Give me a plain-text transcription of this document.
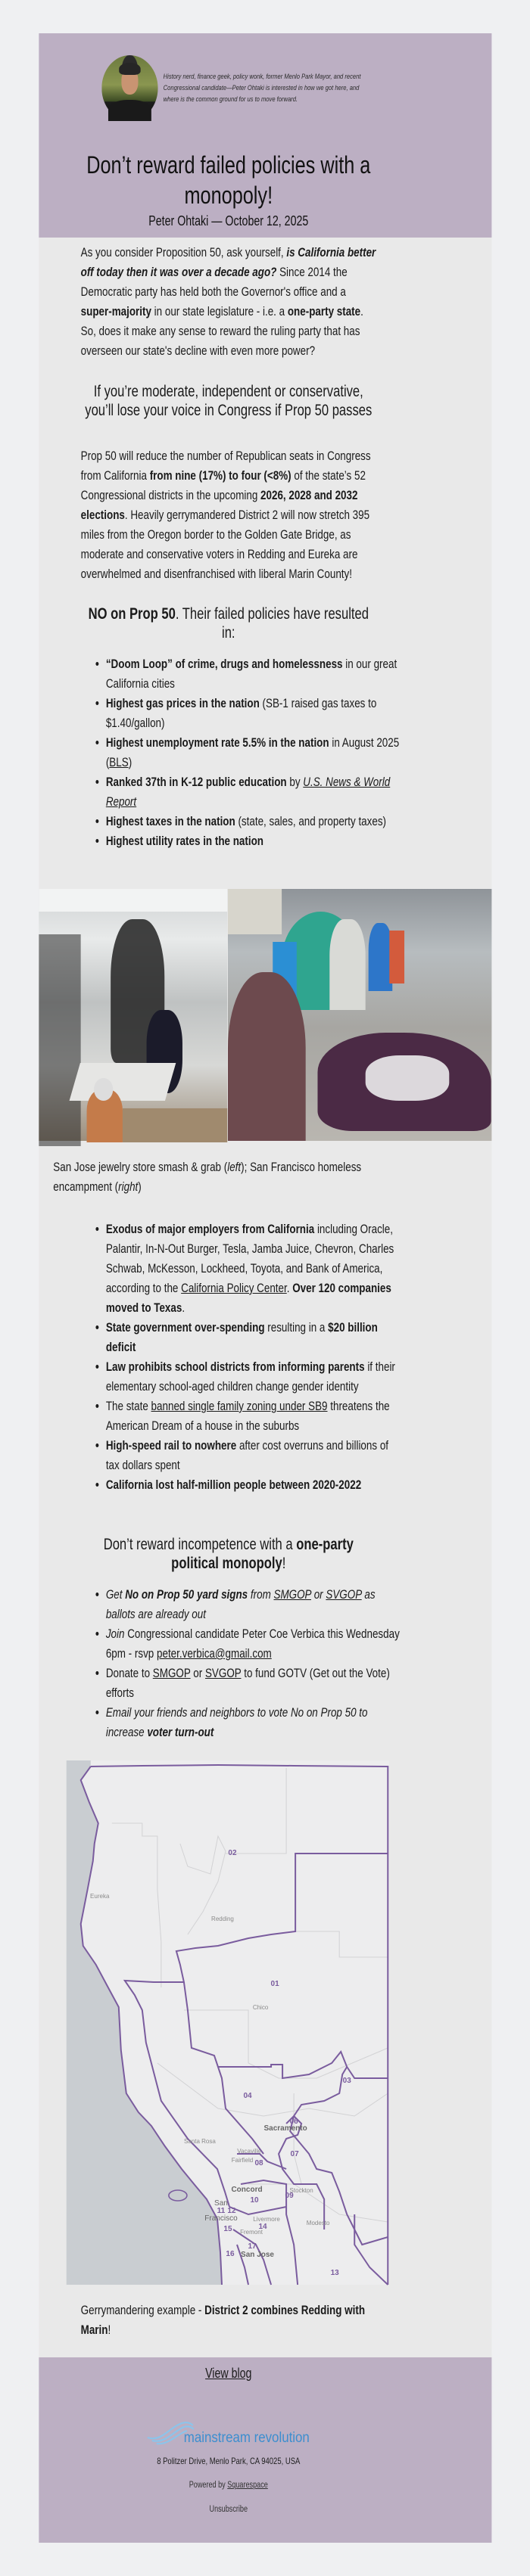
History nerd, finance geek, policy wonk, former Menlo Park Mayor, and recent Congressional candidate—Peter Ohtaki is interested in how we got here, and where is the common ground for us to move forward.
Don’t reward failed policies with a monopoly!
Peter Ohtaki — October 12, 2025

As you consider Proposition 50, ask yourself, is California better off today then it was over a decade ago? Since 2014 the Democratic party has held both the Governor's office and a super-majority in our state legislature - i.e. a one-party state. So, does it make any sense to reward the ruling party that has overseen our state's decline with even more power?

If you’re moderate, independent or conservative, you’ll lose your voice in Congress if Prop 50 passes

Prop 50 will reduce the number of Republican seats in Congress from California from nine (17%) to four (<8%) of the state’s 52 Congressional districts in the upcoming 2026, 2028 and 2032 elections. Heavily gerrymandered District 2 will now stretch 395 miles from the Oregon border to the Golden Gate Bridge, as moderate and conservative voters in Redding and Eureka are overwhelmed and disenfranchised with liberal Marin County!

NO on Prop 50. Their failed policies have resulted in:
• “Doom Loop” of crime, drugs and homelessness in our great California cities
• Highest gas prices in the nation (SB-1 raised gas taxes to $1.40/gallon)
• Highest unemployment rate 5.5% in the nation in August 2025 (BLS)
• Ranked 37th in K-12 public education by U.S. News & World Report
• Highest taxes in the nation (state, sales, and property taxes)
• Highest utility rates in the nation

San Jose jewelry store smash & grab (left); San Francisco homeless encampment (right)

• Exodus of major employers from California including Oracle, Palantir, In-N-Out Burger, Tesla, Jamba Juice, Chevron, Charles Schwab, McKesson, Lockheed, Toyota, and Bank of America, according to the California Policy Center. Over 120 companies moved to Texas.
• State government over-spending resulting in a $20 billion deficit
• Law prohibits school districts from informing parents if their elementary school-aged children change gender identity
• The state banned single family zoning under SB9 threatens the American Dream of a house in the suburbs
• High-speed rail to nowhere after cost overruns and billions of tax dollars spent
• California lost half-million people between 2020-2022
Don’t reward incompetence with a one-party political monopoly!
• Get No on Prop 50 yard signs from SMGOP or SVGOP as ballots are already out
• Join Congressional candidate Peter Coe Verbica this Wednesday 6pm - rsvp peter.verbica@gmail.com
• Donate to SMGOP or SVGOP to fund GOTV (Get out the Vote) efforts
• Email your friends and neighbors to vote No on Prop 50 to increase voter turn-out
02
01
03
04
06
07
08
09
10
11 12
13
14
15
16
17
Eureka
Redding
Chico
Sacramento
Santa Rosa
Vacaville
Fairfield
Concord	Stockton
San
Francisco	Livermore
Modesto
Fremont
San Jose

Gerrymandering example - District 2 combines Redding with Marin!

View blog
mainstream revolution
8 Politzer Drive, Menlo Park, CA 94025, USA
Powered by Squarespace
Unsubscribe
